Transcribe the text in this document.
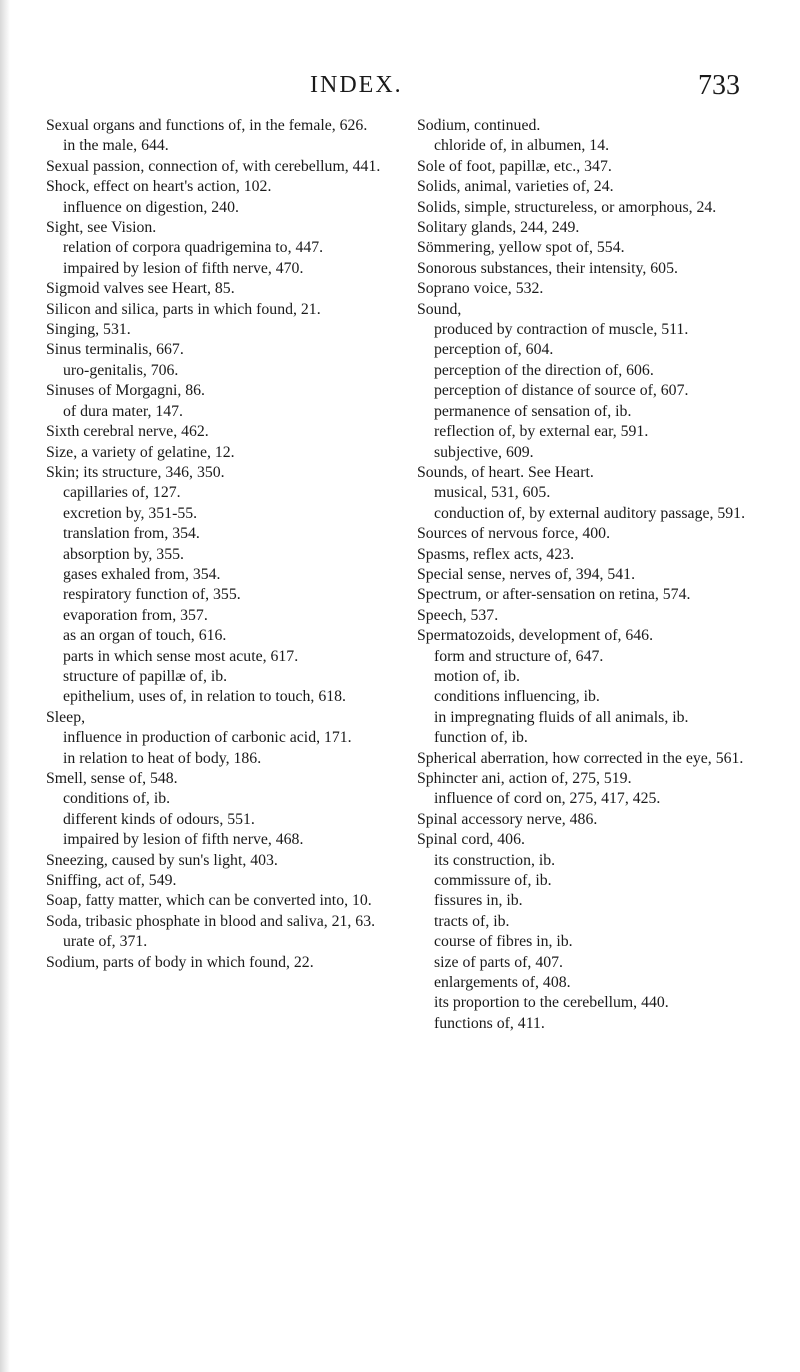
INDEX.	733

Sexual organs and functions of, in the female, 626.

in the male, 644.

Sexual passion, connection of, with cerebellum, 441.

Shock, effect on heart's action, 102.

influence on digestion, 240.

Sight, see Vision.

relation of corpora quadrigemina to, 447.

impaired by lesion of fifth nerve, 470.

Sigmoid valves see Heart, 85.

Silicon and silica, parts in which found, 21.

Singing, 531.

Sinus terminalis, 667.

uro-genitalis, 706.

Sinuses of Morgagni, 86.

of dura mater, 147.

Sixth cerebral nerve, 462.

Size, a variety of gelatine, 12.

Skin; its structure, 346, 350.

capillaries of, 127.

excretion by, 351-55.

translation from, 354.

absorption by, 355.

gases exhaled from, 354.

respiratory function of, 355.

evaporation from, 357.

as an organ of touch, 616.

parts in which sense most acute, 617.

structure of papillæ of, ib.

epithelium, uses of, in relation to touch, 618.

Sleep,

influence in production of carbonic acid, 171.

in relation to heat of body, 186.

Smell, sense of, 548.

conditions of, ib.

different kinds of odours, 551.

impaired by lesion of fifth nerve, 468.

Sneezing, caused by sun's light, 403.

Sniffing, act of, 549.

Soap, fatty matter, which can be converted into, 10.

Soda, tribasic phosphate in blood and saliva, 21, 63.

urate of, 371.

Sodium, parts of body in which found, 22.

Sodium, continued.

chloride of, in albumen, 14.

Sole of foot, papillæ, etc., 347.

Solids, animal, varieties of, 24.

Solids, simple, structureless, or amorphous, 24.

Solitary glands, 244, 249.

Sömmering, yellow spot of, 554.

Sonorous substances, their intensity, 605.

Soprano voice, 532.

Sound,

produced by contraction of muscle, 511.

perception of, 604.

perception of the direction of, 606.

perception of distance of source of, 607.

permanence of sensation of, ib.

reflection of, by external ear, 591.

subjective, 609.

Sounds, of heart. See Heart.

musical, 531, 605.

conduction of, by external auditory passage, 591.

Sources of nervous force, 400.

Spasms, reflex acts, 423.

Special sense, nerves of, 394, 541.

Spectrum, or after-sensation on retina, 574.

Speech, 537.

Spermatozoids, development of, 646.

form and structure of, 647.

motion of, ib.

conditions influencing, ib.

in impregnating fluids of all animals, ib.

function of, ib.

Spherical aberration, how corrected in the eye, 561.

Sphincter ani, action of, 275, 519.

influence of cord on, 275, 417, 425.

Spinal accessory nerve, 486.

Spinal cord, 406.

its construction, ib.

commissure of, ib.

fissures in, ib.

tracts of, ib.

course of fibres in, ib.

size of parts of, 407.

enlargements of, 408.

its proportion to the cerebellum, 440.

functions of, 411.
